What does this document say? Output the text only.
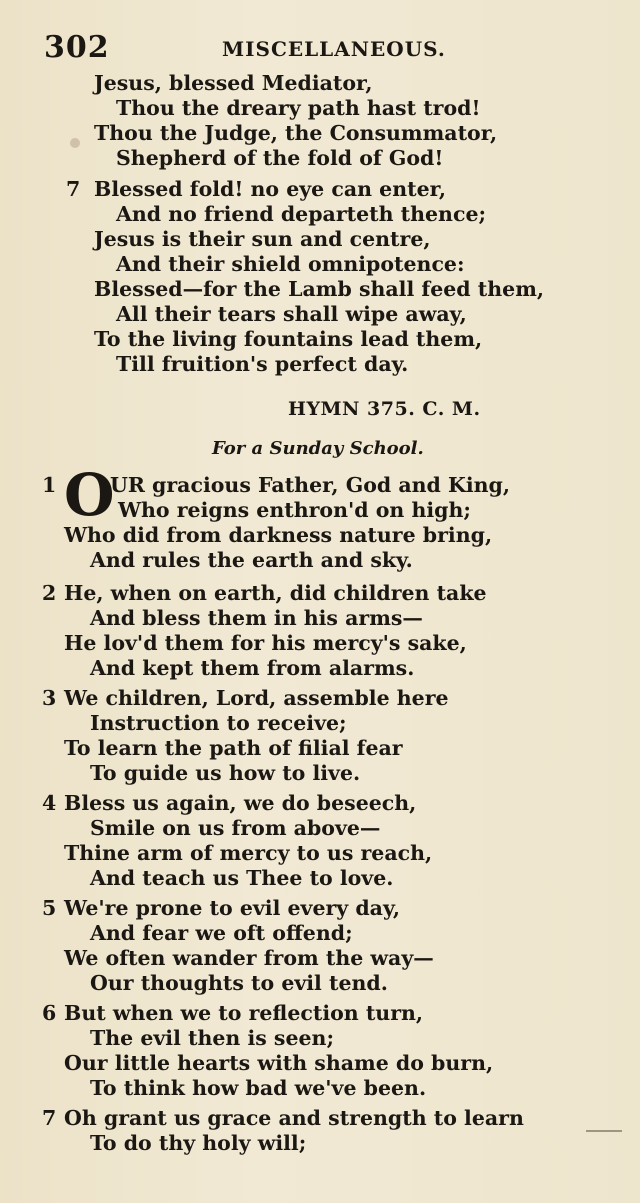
302	MISCELLANEOUS.
Jesus, blessed Mediator,
Thou the dreary path hast trod!
Thou the Judge, the Consummator,
Shepherd of the fold of God!
7 Blessed fold! no eye can enter,
And no friend departeth thence;
Jesus is their sun and centre,
And their shield omnipotence:
Blessed—for the Lamb shall feed them,
All their tears shall wipe away,
To the living fountains lead them,
Till fruition's perfect day.
HYMN 375. C. M.
For a Sunday School.
1 O
UR gracious Father, God and King,
Who reigns enthron'd on high;
Who did from darkness nature bring,
And rules the earth and sky.
2 He, when on earth, did children take
And bless them in his arms—
He lov'd them for his mercy's sake,
And kept them from alarms.
3 We children, Lord, assemble here
Instruction to receive;
To learn the path of filial fear
To guide us how to live.
4 Bless us again, we do beseech,
Smile on us from above—
Thine arm of mercy to us reach,
And teach us Thee to love.
5 We're prone to evil every day,
And fear we oft offend;
We often wander from the way—
Our thoughts to evil tend.
6 But when we to reflection turn,
The evil then is seen;
Our little hearts with shame do burn,
To think how bad we've been.
7 Oh grant us grace and strength to learn
To do thy holy will;
